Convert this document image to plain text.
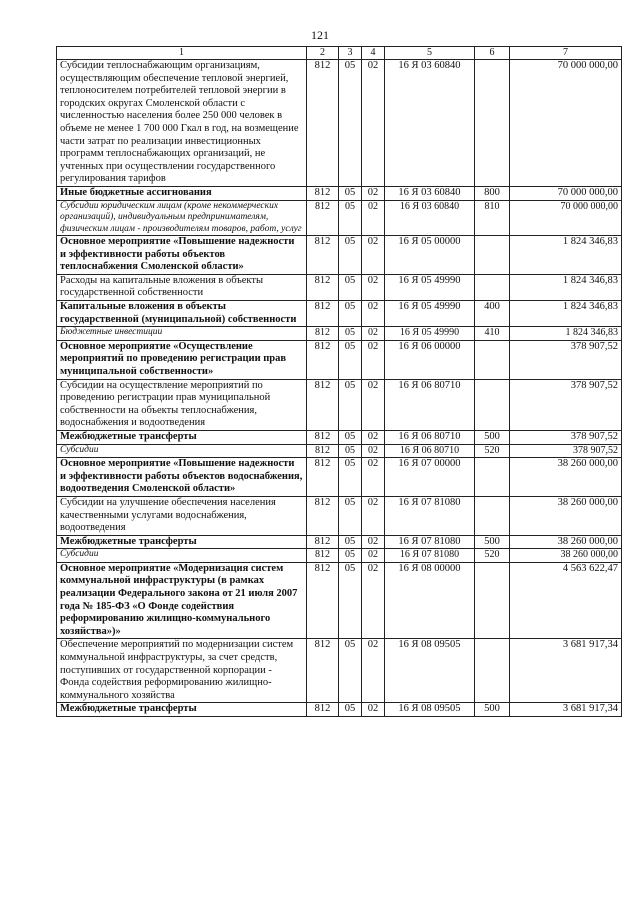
121
1	2	3	4	5	6	7
Субсидии теплоснабжающим организациям, осуществляющим обеспечение тепловой энергией, теплоносителем потребителей тепловой энергии в городских округах Смоленской области с численностью населения более 250 000 человек в объеме не менее 1 700 000 Гкал в год, на возмещение части затрат по реализации инвестиционных программ теплоснабжающих организаций, не учтенных при осуществлении государственного регулирования тарифов	812	05	02	16 Я 03 60840		70 000 000,00
Иные бюджетные ассигнования	812	05	02	16 Я 03 60840	800	70 000 000,00
Субсидии юридическим лицам (кроме некоммерческих организаций), индивидуальным предпринимателям, физическим лицам - производителям товаров, работ, услуг	812	05	02	16 Я 03 60840	810	70 000 000,00
Основное мероприятие «Повышение надежности и эффективности работы объектов теплоснабжения Смоленской области»	812	05	02	16 Я 05 00000		1 824 346,83
Расходы на капитальные вложения в объекты государственной собственности	812	05	02	16 Я 05 49990		1 824 346,83
Капитальные вложения в объекты государственной (муниципальной) собственности	812	05	02	16 Я 05 49990	400	1 824 346,83
Бюджетные инвестиции	812	05	02	16 Я 05 49990	410	1 824 346,83
Основное мероприятие «Осуществление мероприятий по проведению регистрации прав муниципальной собственности»	812	05	02	16 Я 06 00000		378 907,52
Субсидии на осуществление мероприятий по проведению регистрации прав муниципальной собственности на объекты теплоснабжения, водоснабжения и водоотведения	812	05	02	16 Я 06 80710		378 907,52
Межбюджетные трансферты	812	05	02	16 Я 06 80710	500	378 907,52
Субсидии	812	05	02	16 Я 06 80710	520	378 907,52
Основное мероприятие «Повышение надежности и эффективности работы объектов водоснабжения, водоотведения Смоленской области»	812	05	02	16 Я 07 00000		38 260 000,00
Субсидии на улучшение обеспечения населения качественными услугами водоснабжения, водоотведения	812	05	02	16 Я 07 81080		38 260 000,00
Межбюджетные трансферты	812	05	02	16 Я 07 81080	500	38 260 000,00
Субсидии	812	05	02	16 Я 07 81080	520	38 260 000,00
Основное мероприятие «Модернизация систем коммунальной инфраструктуры (в рамках реализации Федерального закона от 21 июля 2007 года № 185-ФЗ «О Фонде содействия реформированию жилищно-коммунального хозяйства»)»	812	05	02	16 Я 08 00000		4 563 622,47
Обеспечение мероприятий по модернизации систем коммунальной инфраструктуры, за счет средств, поступивших от государственной корпорации - Фонда содействия реформированию жилищно-коммунального хозяйства	812	05	02	16 Я 08 09505		3 681 917,34
Межбюджетные трансферты	812	05	02	16 Я 08 09505	500	3 681 917,34
